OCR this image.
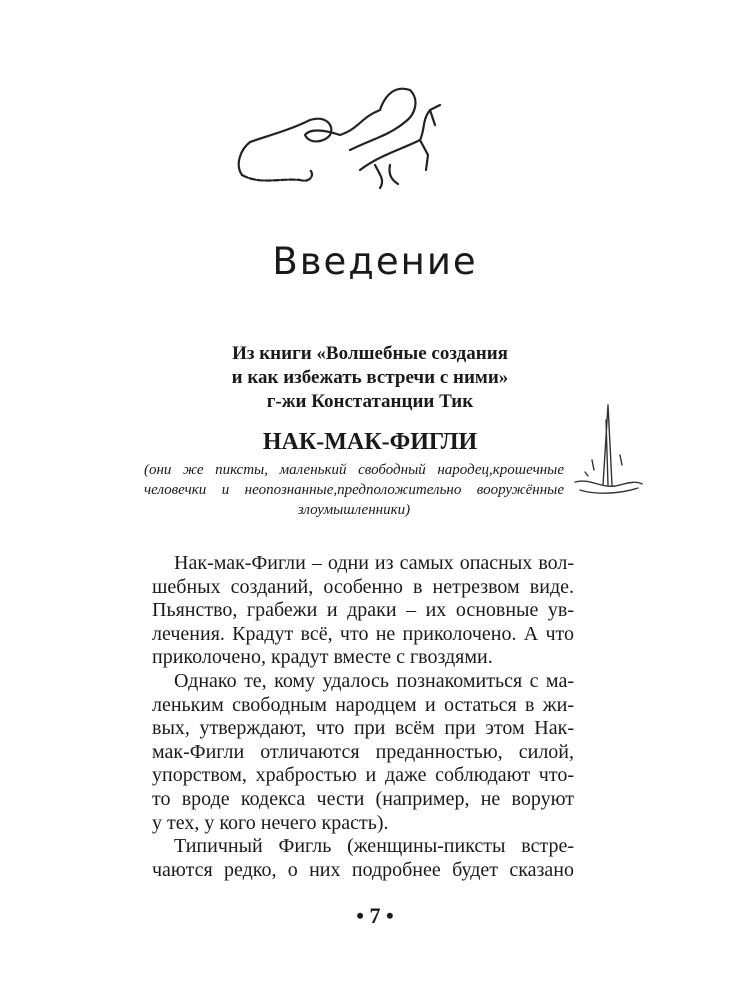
Введение
Из книги «Волшебные создания
и как избежать встречи с ними»
г-жи Констатанции Тик
НАК-МАК-ФИГЛИ
(они же пиксты, маленький свободный народец,крошечные
человечки и неопознанные,предположительно вооружённые
злоумышленники)
Нак-мак-Фигли – одни из самых опасных вол-
шебных созданий, особенно в нетрезвом виде.
Пьянство, грабежи и драки – их основные ув-
лечения. Крадут всё, что не приколочено. А что
приколочено, крадут вместе с гвоздями.
Однако те, кому удалось познакомиться с ма-
леньким свободным народцем и остаться в жи-
вых, утверждают, что при всём при этом Нак-
мак-Фигли отличаются преданностью, силой,
упорством, храбростью и даже соблюдают что-
то вроде кодекса чести (например, не воруют
у тех, у кого нечего красть).
Типичный Фигль (женщины-пиксты встре-
чаются редко, о них подробнее будет сказано
• 7 •
